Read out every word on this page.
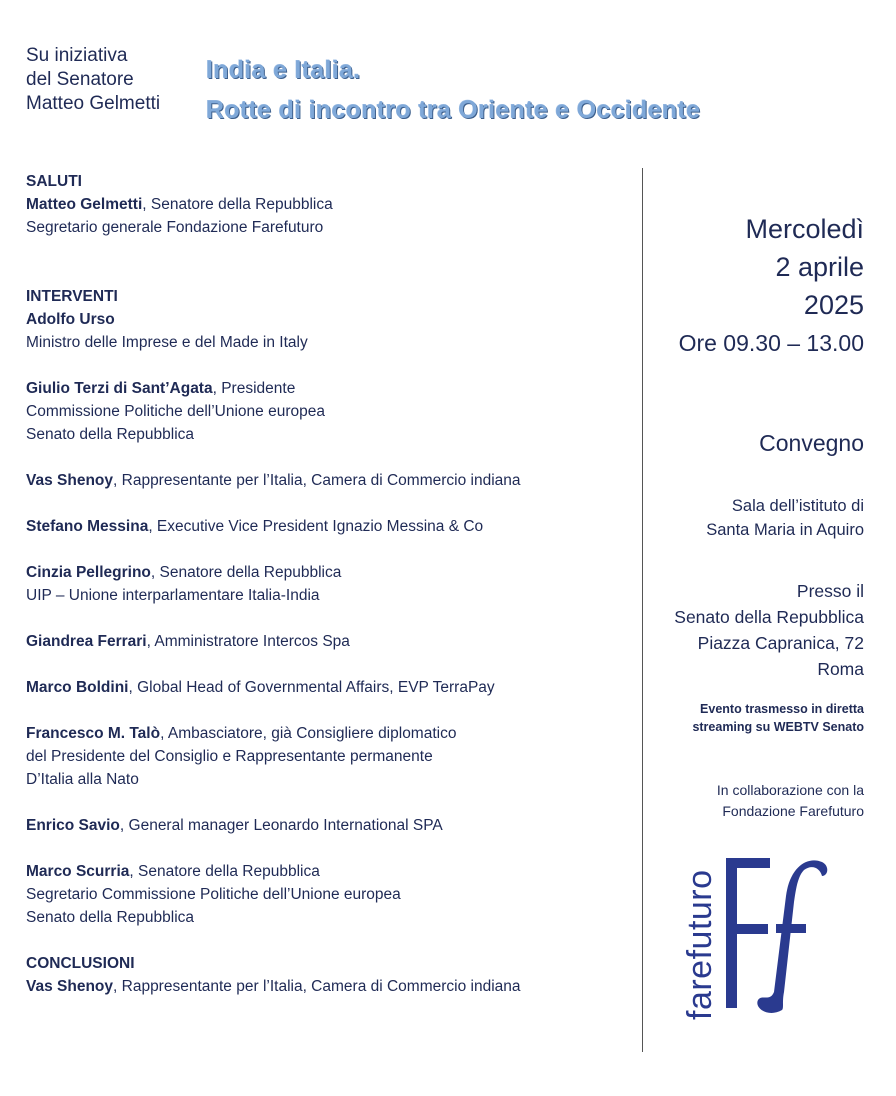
Su iniziativa
del Senatore
Matteo Gelmetti
India e Italia.
Rotte di incontro tra Oriente e Occidente
SALUTI
Matteo Gelmetti, Senatore della Repubblica
Segretario generale Fondazione Farefuturo
INTERVENTI
Adolfo Urso
Ministro delle Imprese e del Made in Italy
Giulio Terzi di Sant’Agata, Presidente
Commissione Politiche dell’Unione europea
Senato della Repubblica
Vas Shenoy, Rappresentante per l’Italia, Camera di Commercio indiana
Stefano Messina, Executive Vice President Ignazio Messina & Co
Cinzia Pellegrino, Senatore della Repubblica
UIP – Unione interparlamentare Italia-India
Giandrea Ferrari, Amministratore Intercos Spa
Marco Boldini, Global Head of Governmental Affairs, EVP TerraPay
Francesco M. Talò, Ambasciatore, già Consigliere diplomatico
del Presidente del Consiglio e Rappresentante permanente
D’Italia alla Nato
Enrico Savio, General manager Leonardo International SPA
Marco Scurria, Senatore della Repubblica
Segretario Commissione Politiche dell’Unione europea
Senato della Repubblica
CONCLUSIONI
Vas Shenoy, Rappresentante per l’Italia, Camera di Commercio indiana
Mercoledì
2 aprile
2025
Ore 09.30 – 13.00
Convegno
Sala dell’istituto di
Santa Maria in Aquiro
Presso il
Senato della Repubblica
Piazza Capranica, 72
Roma
Evento trasmesso in diretta
streaming su WEBTV Senato
In collaborazione con la
Fondazione Farefuturo
farefuturo
